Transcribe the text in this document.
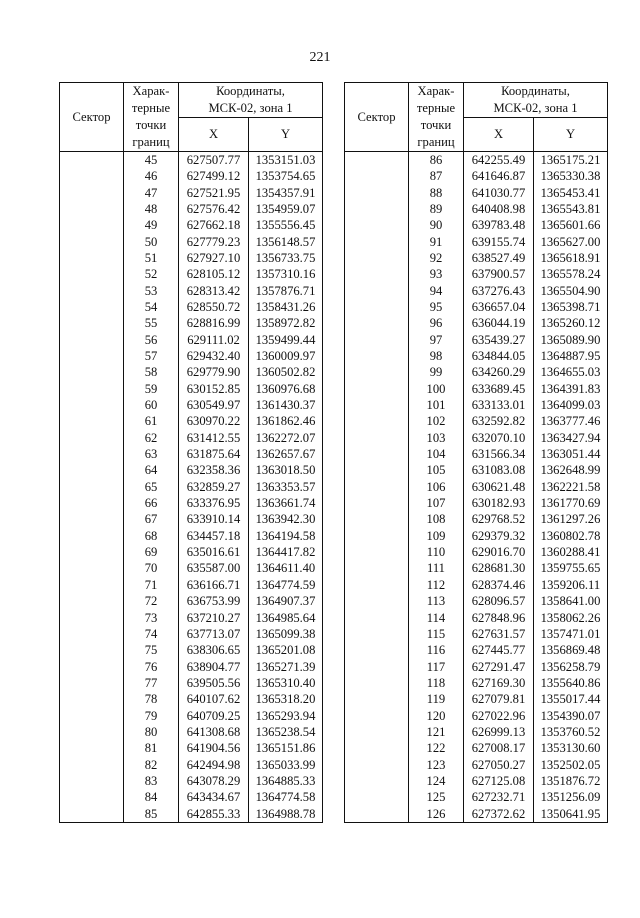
221
Сектор	Харак-
терные
точки
границ	Координаты,
МСК-02, зона 1	
		X	Y
	45	627507.77	1353151.03
	46	627499.12	1353754.65
	47	627521.95	1354357.91
	48	627576.42	1354959.07
	49	627662.18	1355556.45
	50	627779.23	1356148.57
	51	627927.10	1356733.75
	52	628105.12	1357310.16
	53	628313.42	1357876.71
	54	628550.72	1358431.26
	55	628816.99	1358972.82
	56	629111.02	1359499.44
	57	629432.40	1360009.97
	58	629779.90	1360502.82
	59	630152.85	1360976.68
	60	630549.97	1361430.37
	61	630970.22	1361862.46
	62	631412.55	1362272.07
	63	631875.64	1362657.67
	64	632358.36	1363018.50
	65	632859.27	1363353.57
	66	633376.95	1363661.74
	67	633910.14	1363942.30
	68	634457.18	1364194.58
	69	635016.61	1364417.82
	70	635587.00	1364611.40
	71	636166.71	1364774.59
	72	636753.99	1364907.37
	73	637210.27	1364985.64
	74	637713.07	1365099.38
	75	638306.65	1365201.08
	76	638904.77	1365271.39
	77	639505.56	1365310.40
	78	640107.62	1365318.20
	79	640709.25	1365293.94
	80	641308.68	1365238.54
	81	641904.56	1365151.86
	82	642494.98	1365033.99
	83	643078.29	1364885.33
	84	643434.67	1364774.58
	85	642855.33	1364988.78
Сектор	Харак-
терные
точки
границ	Координаты,
МСК-02, зона 1	
		X	Y
	86	642255.49	1365175.21
	87	641646.87	1365330.38
	88	641030.77	1365453.41
	89	640408.98	1365543.81
	90	639783.48	1365601.66
	91	639155.74	1365627.00
	92	638527.49	1365618.91
	93	637900.57	1365578.24
	94	637276.43	1365504.90
	95	636657.04	1365398.71
	96	636044.19	1365260.12
	97	635439.27	1365089.90
	98	634844.05	1364887.95
	99	634260.29	1364655.03
	100	633689.45	1364391.83
	101	633133.01	1364099.03
	102	632592.82	1363777.46
	103	632070.10	1363427.94
	104	631566.34	1363051.44
	105	631083.08	1362648.99
	106	630621.48	1362221.58
	107	630182.93	1361770.69
	108	629768.52	1361297.26
	109	629379.32	1360802.78
	110	629016.70	1360288.41
	111	628681.30	1359755.65
	112	628374.46	1359206.11
	113	628096.57	1358641.00
	114	627848.96	1358062.26
	115	627631.57	1357471.01
	116	627445.77	1356869.48
	117	627291.47	1356258.79
	118	627169.30	1355640.86
	119	627079.81	1355017.44
	120	627022.96	1354390.07
	121	626999.13	1353760.52
	122	627008.17	1353130.60
	123	627050.27	1352502.05
	124	627125.08	1351876.72
	125	627232.71	1351256.09
	126	627372.62	1350641.95
